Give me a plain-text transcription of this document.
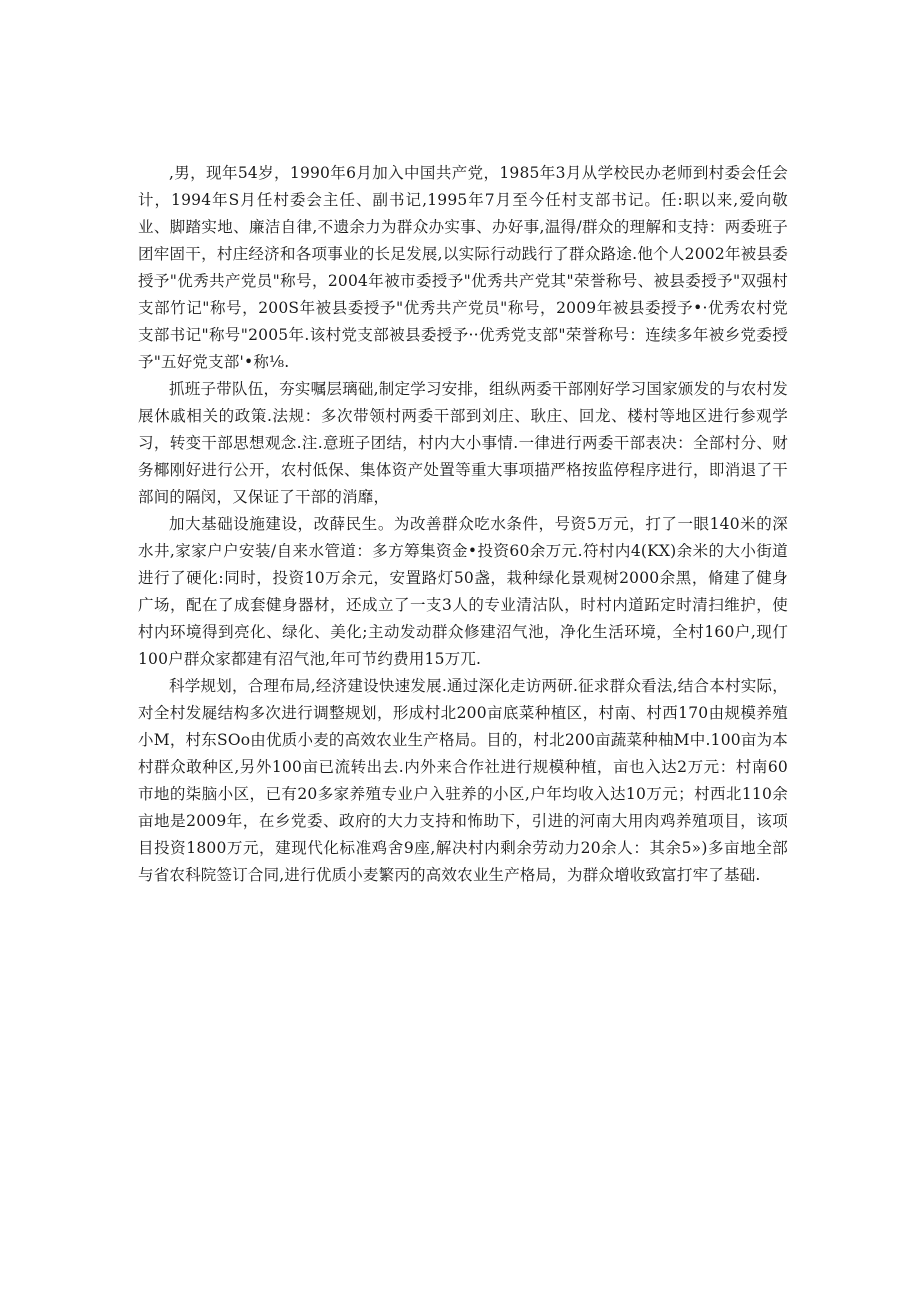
,男，现年54岁，1990年6月加入中国共产党，1985年3月从学校民办老师到村委会任会计，1994年S月任村委会主任、副书记,1995年7月至今任村支部书记。任:职以来,爱向敬业、脚踏实地、廉洁自律,不遗余力为群众办实事、办好事,温得/群众的理解和支持：两委班子团牢固干，村庄经济和各项事业的长足发展,以实际行动践行了群众路途.他个人2002年被县委授予"优秀共产党员"称号，2004年被市委授予"优秀共产党其"荣誉称号、被县委授予"双强村支部竹记"称号，200S年被县委授予"优秀共产党员"称号，2009年被县委授予•·优秀农村党支部书记"称号"2005年.该村党支部被县委授予··优秀党支部"荣誉称号：连续多年被乡党委授予"五好党支部'•称⅛.

抓班子带队伍，夯实嘱层璃础,制定学习安排，组纵两委干部刚好学习国家颁发的与农村发展休戚相关的政策.法规：多次带领村两委干部到刘庄、耿庄、回龙、楼村等地区进行参观学习，转变干部思想观念.注.意班子团结，村内大小事情.一律进行两委干部表决：全部村分、财务椰刚好进行公开，农村低保、集体资产处置等重大事项描严格按监停程序进行，即消退了干部间的隔闵，又保证了干部的消靡，

加大基础设施建设，改薛民生。为改善群众吃水条件，号资5万元，打了一眼140米的深水井,家家户户安装/自来水管道：多方筹集资金•投资60余万元.符村内4(KX)余米的大小街道进行了硬化:同时，投资10万余元，安置路灯50盏，栽种绿化景观树2000余黑，脩建了健身广场，配在了成套健身器材，还成立了一支3人的专业清沽队，时村内道跖定时清扫维护，使村内环境得到亮化、绿化、美化;主动发动群众修建沼气池，净化生活环境，全村160户,现仃100户群众家都建有沼气池,年可节约费用15万兀.

科学规划，合理布局,经济建设快速发展.通过深化走访两研.征求群众看法,结合本村实际，对全村发屣结构多次进行调整规划，形成村北200亩底菜种植区，村南、村西170由规模养殖小M，村东SOo由优质小麦的高效农业生产格局。目的，村北200亩蔬菜种柚M中.100亩为本村群众敢种区,另外100亩已流转出去.内外来合作社进行规模种植，亩也入达2万元：村南60市地的柒脑小区，已有20多家养殖专业户入驻养的小区,户年均收入达10万元；村西北110余亩地是2009年，在乡党委、政府的大力支持和怖助下，引进的河南大用肉鸡养殖项目，该项目投资1800万元，建现代化标准鸡舍9座,解决村内剩余劳动力20余人：其余5»)多亩地全部与省农科院签订合同,进行优质小麦繁丙的高效农业生产格局，为群众增收致富打牢了基础.
